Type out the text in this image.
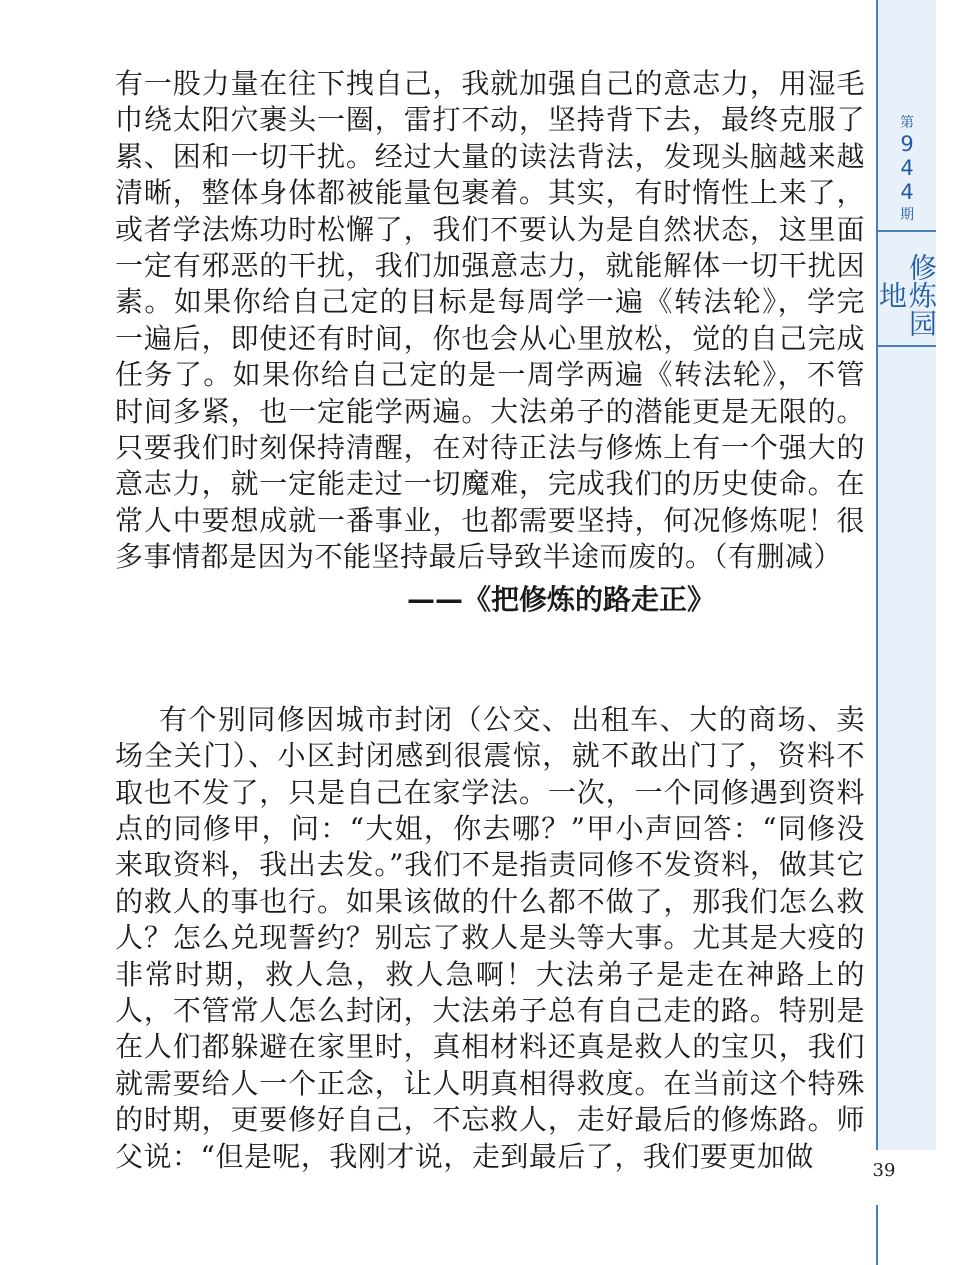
第
944
期
修炼园地

有一股力量在往下拽自己，我就加强自己的意志力，用湿毛巾绕太阳穴裹头一圈，雷打不动，坚持背下去，最终克服了累、困和一切干扰。经过大量的读法背法，发现头脑越来越清晰，整体身体都被能量包裹着。其实，有时惰性上来了，或者学法炼功时松懈了，我们不要认为是自然状态，这里面一定有邪恶的干扰，我们加强意志力，就能解体一切干扰因素。如果你给自己定的目标是每周学一遍《转法轮》，学完一遍后，即使还有时间，你也会从心里放松，觉的自己完成任务了。如果你给自己定的是一周学两遍《转法轮》，不管时间多紧，也一定能学两遍。大法弟子的潜能更是无限的。只要我们时刻保持清醒，在对待正法与修炼上有一个强大的意志力，就一定能走过一切魔难，完成我们的历史使命。在常人中要想成就一番事业，也都需要坚持，何况修炼呢！很多事情都是因为不能坚持最后导致半途而废的。（有删减）

——《把修炼的路走正》

有个别同修因城市封闭（公交、出租车、大的商场、卖场全关门）、小区封闭感到很震惊，就不敢出门了，资料不取也不发了，只是自己在家学法。一次，一个同修遇到资料点的同修甲，问：“大姐，你去哪？”甲小声回答：“同修没来取资料，我出去发。”我们不是指责同修不发资料，做其它的救人的事也行。如果该做的什么都不做了，那我们怎么救人？怎么兑现誓约？别忘了救人是头等大事。尤其是大疫的非常时期，救人急，救人急啊！大法弟子是走在神路上的人，不管常人怎么封闭，大法弟子总有自己走的路。特别是在人们都躲避在家里时，真相材料还真是救人的宝贝，我们就需要给人一个正念，让人明真相得救度。在当前这个特殊的时期，更要修好自己，不忘救人，走好最后的修炼路。师父说：“但是呢，我刚才说，走到最后了，我们要更加做	39
